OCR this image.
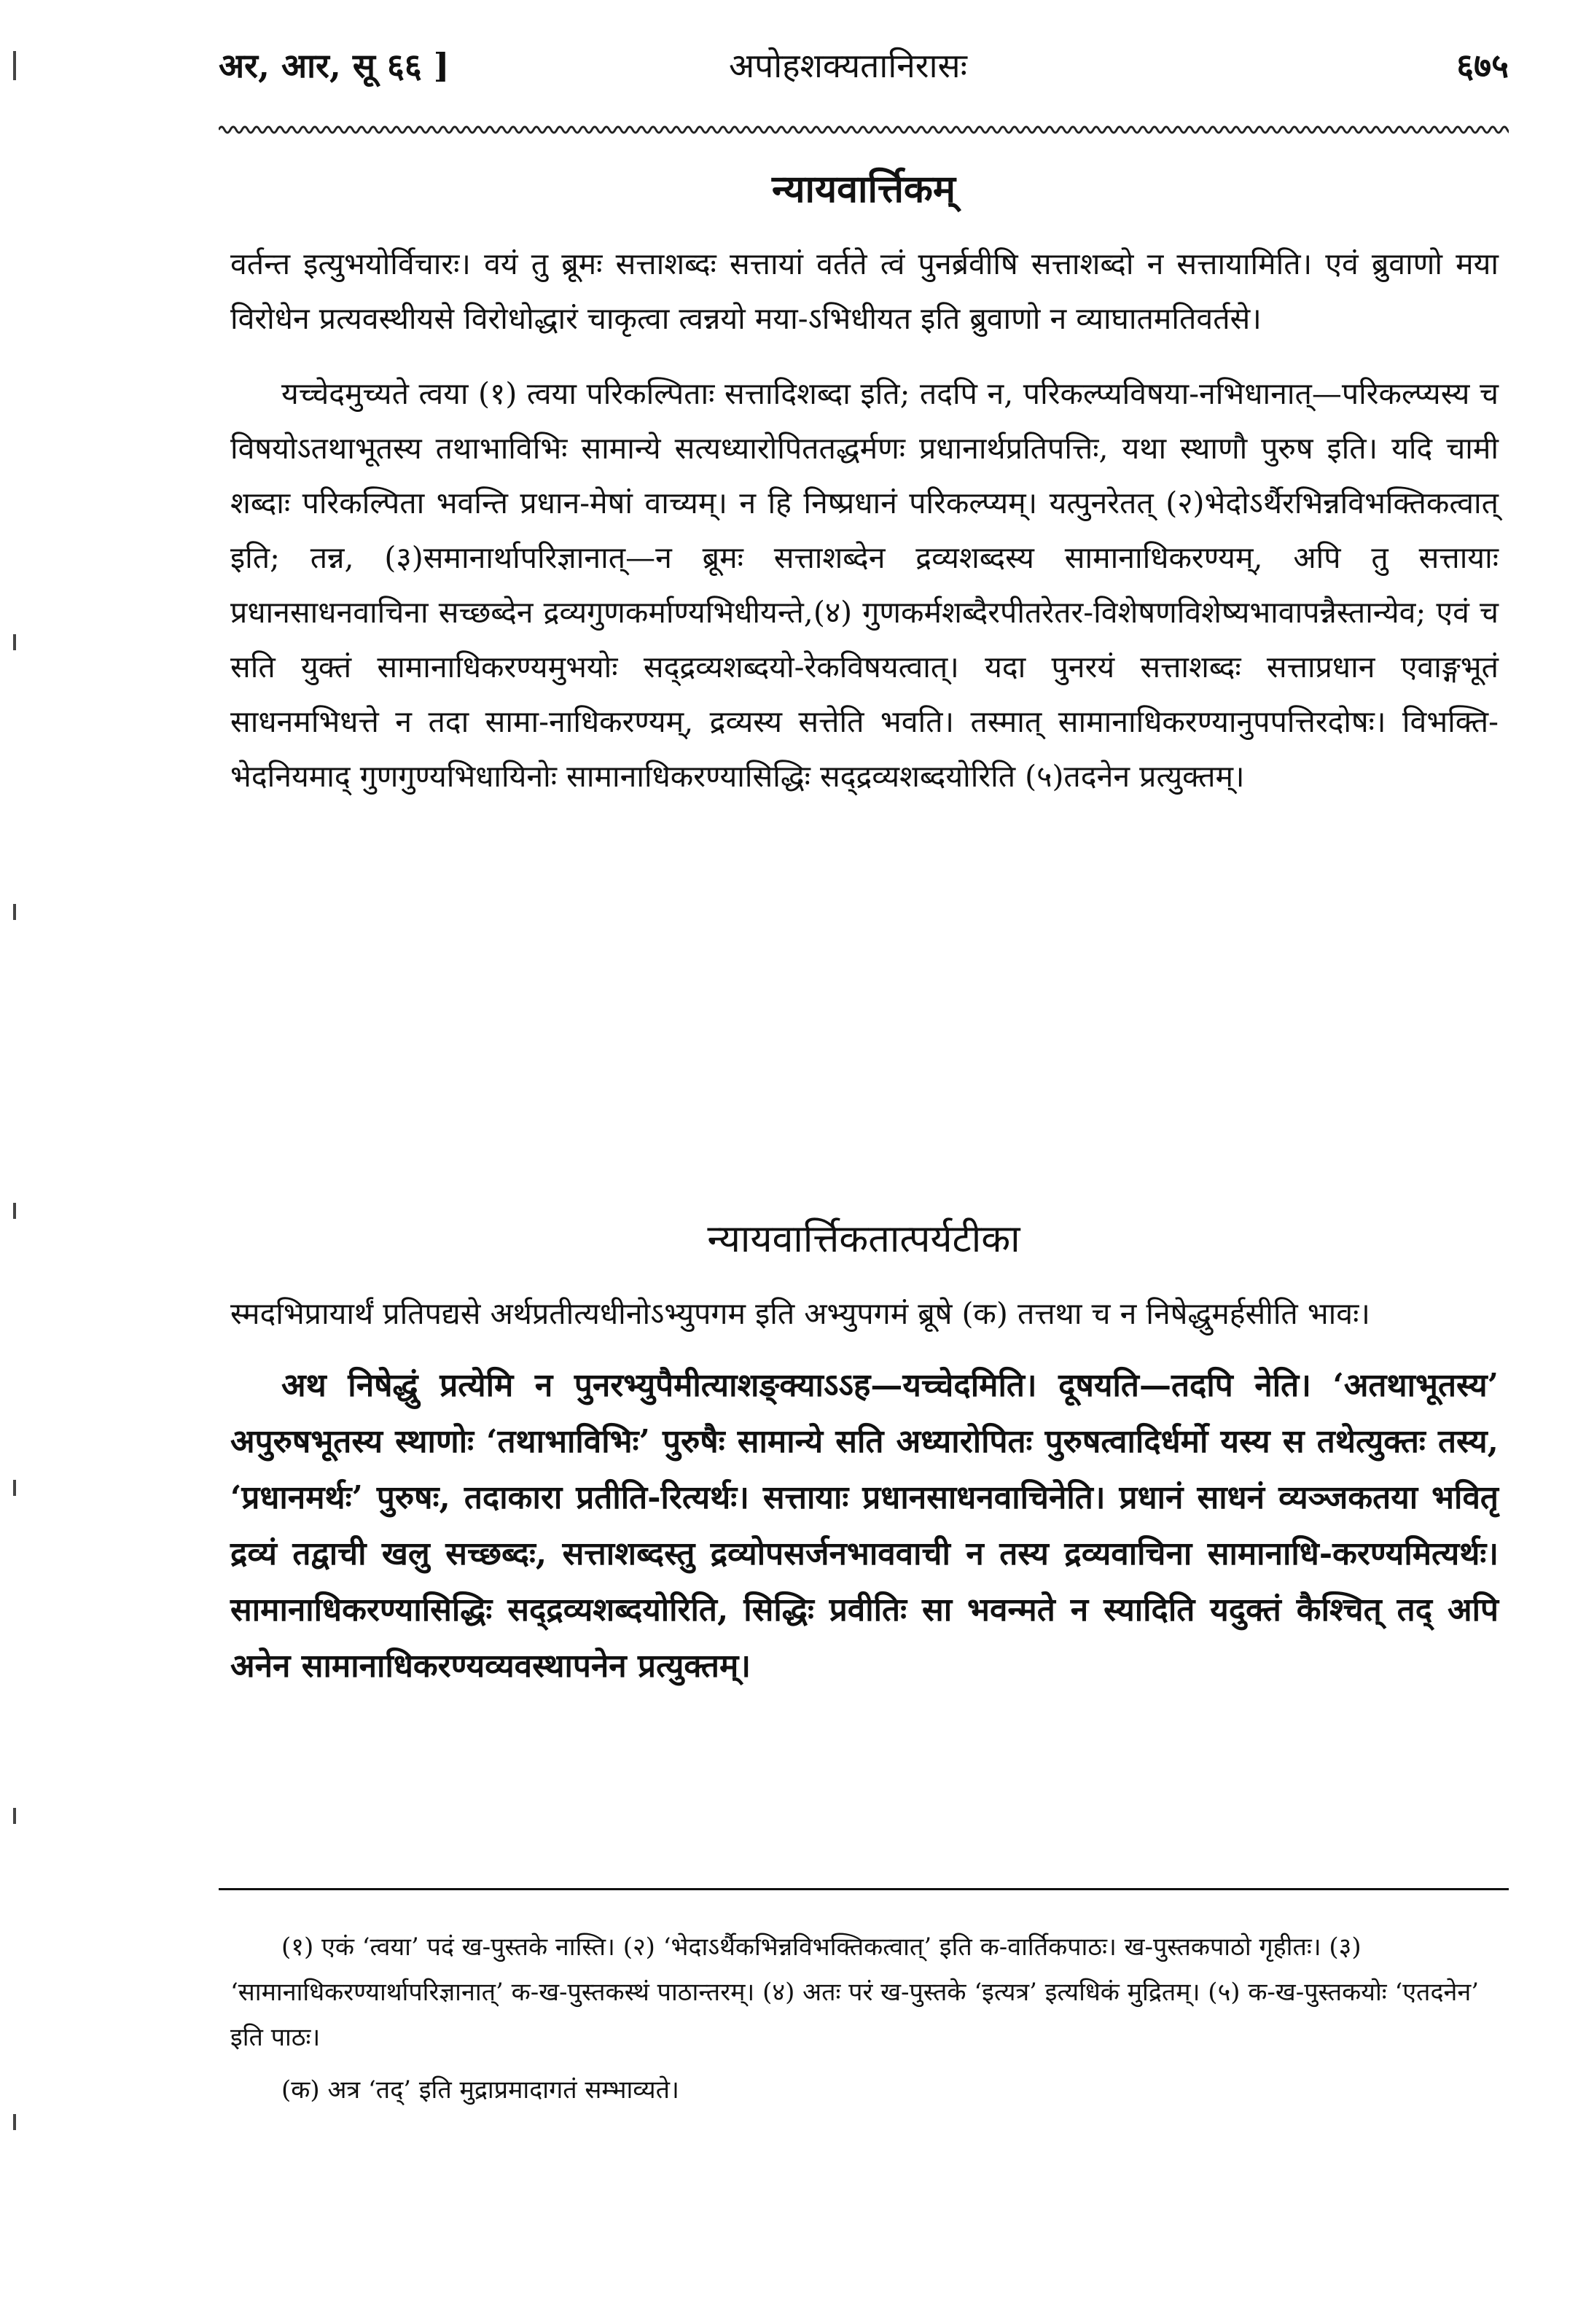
अर, आर, सू ६६ ]	अपोहशक्यतानिरासः	६७५
न्यायवार्त्तिकम्

वर्तन्त इत्युभयोर्विचारः। वयं तु ब्रूमः सत्ताशब्दः सत्तायां वर्तते त्वं पुनर्ब्रवीषि सत्ताशब्दो न सत्तायामिति। एवं ब्रुवाणो मया विरोधेन प्रत्यवस्थीयसे विरोधोद्धारं चाकृत्वा त्वन्नयो मया-ऽभिधीयत इति ब्रुवाणो न व्याघातमतिवर्तसे।

यच्चेदमुच्यते त्वया (१) त्वया परिकल्पिताः सत्तादिशब्दा इति; तदपि न, परिकल्प्यविषया-नभिधानात्—परिकल्प्यस्य च विषयोऽतथाभूतस्य तथाभाविभिः सामान्ये सत्यध्यारोपिततद्धर्मणः प्रधानार्थप्रतिपत्तिः, यथा स्थाणौ पुरुष इति। यदि चामी शब्दाः परिकल्पिता भवन्ति प्रधान-मेषां वाच्यम्। न हि निष्प्रधानं परिकल्प्यम्। यत्पुनरेतत् (२)भेदोऽर्थैरभिन्नविभक्तिकत्वात् इति; तन्न, (३)समानार्थापरिज्ञानात्—न ब्रूमः सत्ताशब्देन द्रव्यशब्दस्य सामानाधिकरण्यम्, अपि तु सत्तायाः प्रधानसाधनवाचिना सच्छब्देन द्रव्यगुणकर्माण्यभिधीयन्ते,(४) गुणकर्मशब्दैरपीतरेतर-विशेषणविशेष्यभावापन्नैस्तान्येव; एवं च सति युक्तं सामानाधिकरण्यमुभयोः सद्द्रव्यशब्दयो-रेकविषयत्वात्। यदा पुनरयं सत्ताशब्दः सत्ताप्रधान एवाङ्गभूतं साधनमभिधत्ते न तदा सामा-नाधिकरण्यम्, द्रव्यस्य सत्तेति भवति। तस्मात् सामानाधिकरण्यानुपपत्तिरदोषः। विभक्ति-भेदनियमाद् गुणगुण्यभिधायिनोः सामानाधिकरण्यासिद्धिः सद्द्रव्यशब्दयोरिति (५)तदनेन प्रत्युक्तम्।

न्यायवार्त्तिकतात्पर्यटीका

स्मदभिप्रायार्थं प्रतिपद्यसे अर्थप्रतीत्यधीनोऽभ्युपगम इति अभ्युपगमं ब्रूषे (क) तत्तथा च न निषेद्धुमर्हसीति भावः।

अथ निषेद्धुं प्रत्येमि न पुनरभ्युपैमीत्याशङ्क्याऽऽह—यच्चेदमिति। दूषयति—तदपि नेति। ‘अतथाभूतस्य’ अपुरुषभूतस्य स्थाणोः ‘तथाभाविभिः’ पुरुषैः सामान्ये सति अध्यारोपितः पुरुषत्वादिर्धर्मो यस्य स तथेत्युक्तः तस्य, ‘प्रधानमर्थः’ पुरुषः, तदाकारा प्रतीति-रित्यर्थः। सत्तायाः प्रधानसाधनवाचिनेति। प्रधानं साधनं व्यञ्जकतया भवितृ द्रव्यं तद्वाची खलु सच्छब्दः, सत्ताशब्दस्तु द्रव्योपसर्जनभाववाची न तस्य द्रव्यवाचिना सामानाधि-करण्यमित्यर्थः। सामानाधिकरण्यासिद्धिः सद्द्रव्यशब्दयोरिति, सिद्धिः प्रवीतिः सा भवन्मते न स्यादिति यदुक्तं कैश्चित् तद् अपि अनेन सामानाधिकरण्यव्यवस्थापनेन प्रत्युक्तम्।

(१) एकं ‘त्वया’ पदं ख-पुस्तके नास्ति। (२) ‘भेदाऽर्थैकभिन्नविभक्तिकत्वात्’ इति क-वार्तिकपाठः। ख-पुस्तकपाठो गृहीतः। (३) ‘सामानाधिकरण्यार्थापरिज्ञानात्’ क-ख-पुस्तकस्थं पाठान्तरम्। (४) अतः परं ख-पुस्तके ‘इत्यत्र’ इत्यधिकं मुद्रितम्। (५) क-ख-पुस्तकयोः ‘एतदनेन’ इति पाठः।

(क) अत्र ‘तद्’ इति मुद्राप्रमादागतं सम्भाव्यते।
